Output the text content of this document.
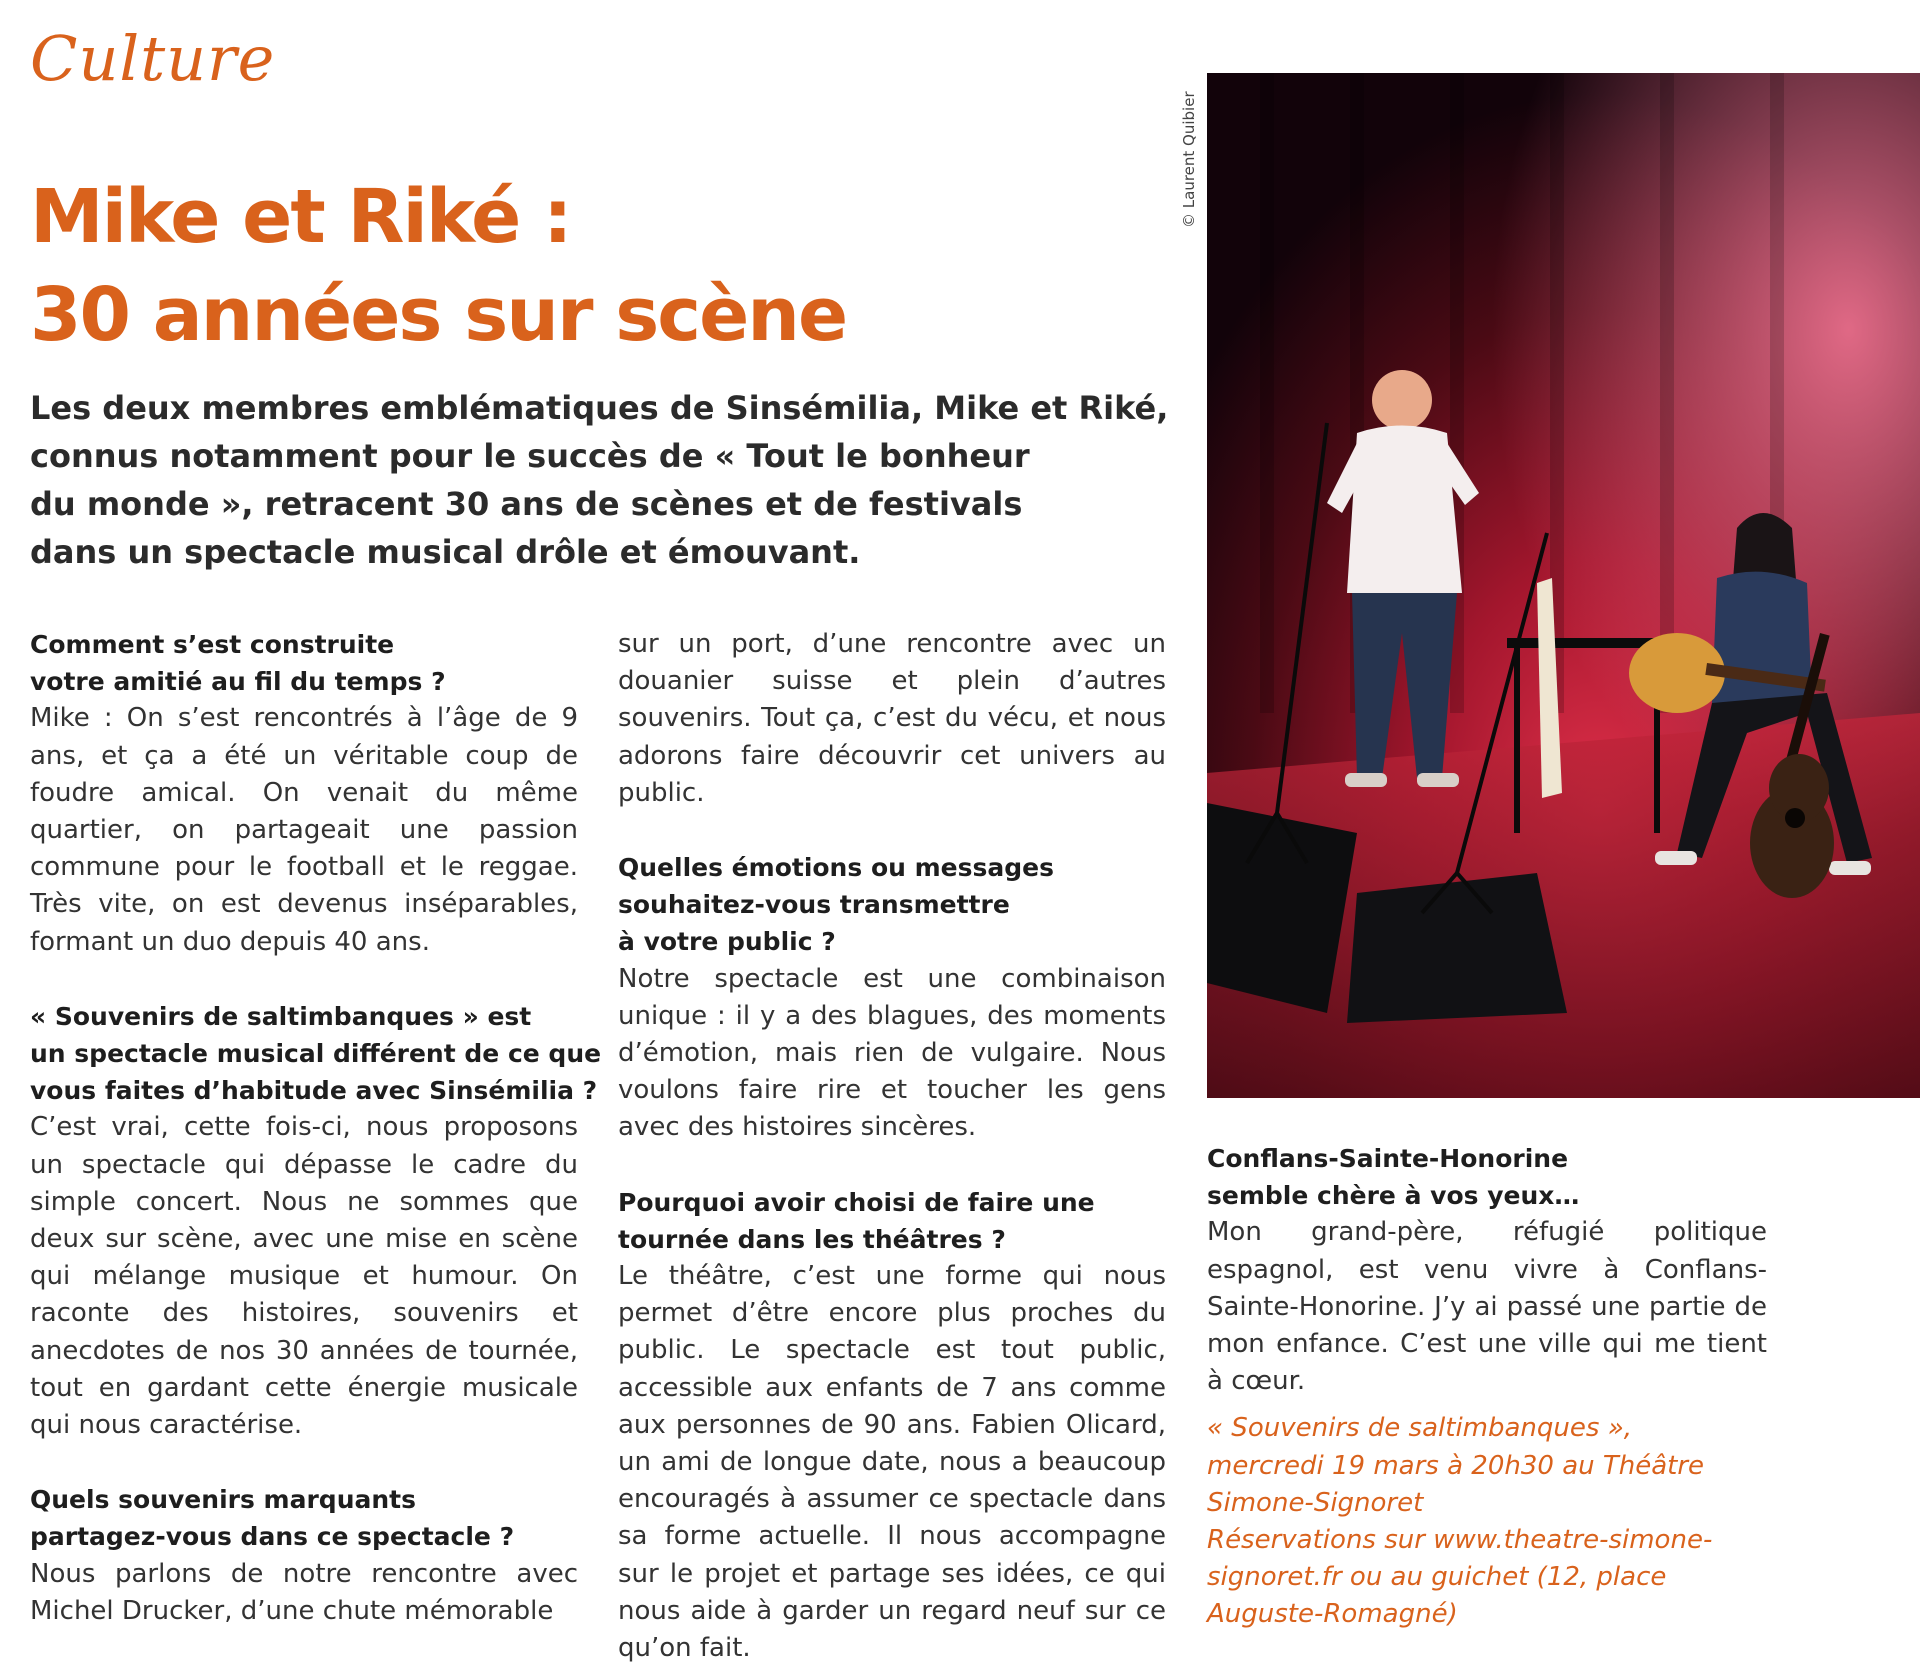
Culture
Mike et Riké :
30 années sur scène
Les deux membres emblématiques de Sinsémilia, Mike et Riké,
connus notamment pour le succès de « Tout le bonheur
du monde », retracent 30 ans de scènes et de festivals
dans un spectacle musical drôle et émouvant.
Comment s’est construite
votre amitié au fil du temps ?
Mike : On s’est rencontrés à l’âge de 9 ans, et ça a été un véritable coup de foudre amical. On venait du même quartier, on partageait une passion commune pour le football et le reggae. Très vite, on est devenus inséparables, formant un duo depuis 40 ans.
« Souvenirs de saltimbanques » est
un spectacle musical différent de ce que
vous faites d’habitude avec Sinsémilia ?
C’est vrai, cette fois-ci, nous proposons un spectacle qui dépasse le cadre du simple concert. Nous ne sommes que deux sur scène, avec une mise en scène qui mélange musique et humour. On raconte des histoires, souvenirs et anecdotes de nos 30 années de tournée, tout en gardant cette énergie musicale qui nous caractérise.
Quels souvenirs marquants
partagez-vous dans ce spectacle ?
Nous parlons de notre rencontre avec Michel Drucker, d’une chute mémorable
sur un port, d’une rencontre avec un douanier suisse et plein d’autres souvenirs. Tout ça, c’est du vécu, et nous adorons faire découvrir cet univers au public.
Quelles émotions ou messages
souhaitez-vous transmettre
à votre public ?
Notre spectacle est une combinaison unique : il y a des blagues, des moments d’émotion, mais rien de vulgaire. Nous voulons faire rire et toucher les gens avec des histoires sincères.
Pourquoi avoir choisi de faire une
tournée dans les théâtres ?
Le théâtre, c’est une forme qui nous permet d’être encore plus proches du public. Le spectacle est tout public, accessible aux enfants de 7 ans comme aux personnes de 90 ans. Fabien Olicard, un ami de longue date, nous a beaucoup encouragés à assumer ce spectacle dans sa forme actuelle. Il nous accompagne sur le projet et partage ses idées, ce qui nous aide à garder un regard neuf sur ce qu’on fait.
© Laurent Quibier
Conflans-Sainte-Honorine
semble chère à vos yeux…
Mon grand-père, réfugié politique espagnol, est venu vivre à Conflans-Sainte-Honorine. J’y ai passé une partie de mon enfance. C’est une ville qui me tient à cœur.
« Souvenirs de saltimbanques »,
mercredi 19 mars à 20h30 au Théâtre
Simone-Signoret
Réservations sur www.theatre-simone-
signoret.fr ou au guichet (12, place
Auguste-Romagné)
